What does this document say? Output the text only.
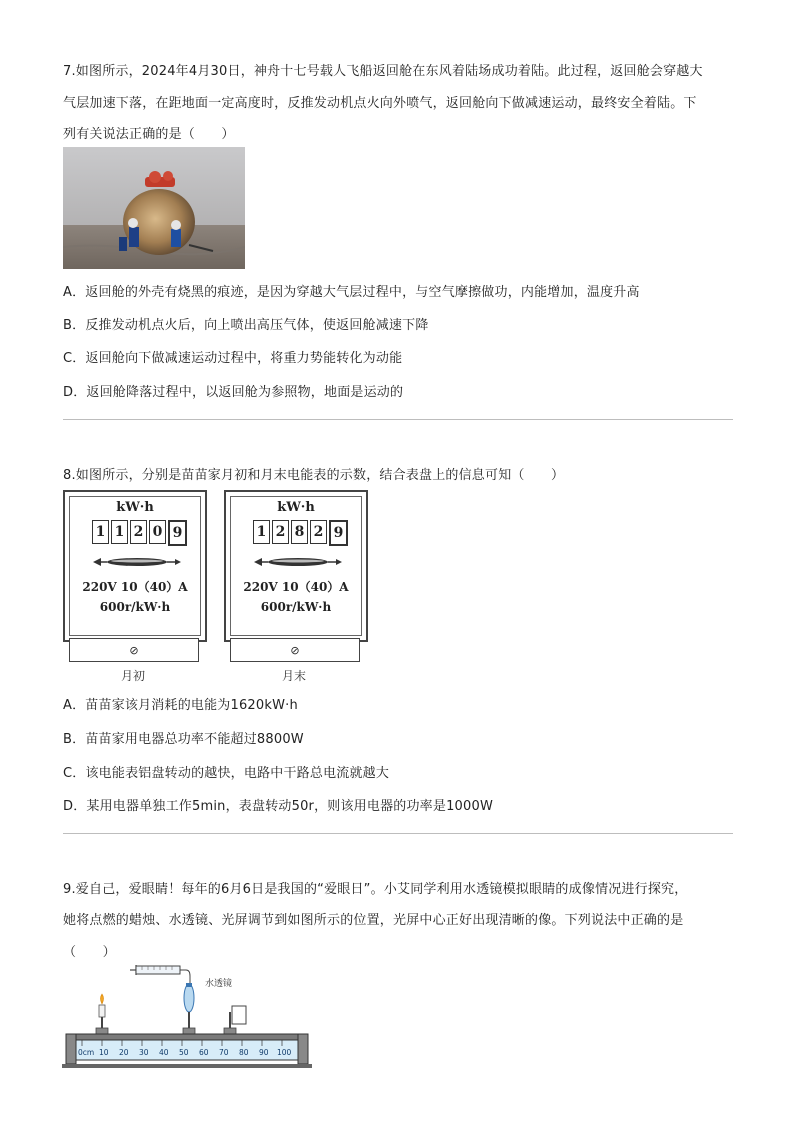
7.如图所示，2024年4月30日，神舟十七号载人飞船返回舱在东风着陆场成功着陆。此过程，返回舱会穿越大
气层加速下落，在距地面一定高度时，反推发动机点火向外喷气，返回舱向下做减速运动，最终安全着陆。下
列有关说法正确的是（　　）
A．返回舱的外壳有烧黑的痕迹，是因为穿越大气层过程中，与空气摩擦做功，内能增加，温度升高
B．反推发动机点火后，向上喷出高压气体，使返回舱减速下降
C．返回舱向下做减速运动过程中，将重力势能转化为动能
D．返回舱降落过程中，以返回舱为参照物，地面是运动的
8.如图所示，分别是苗苗家月初和月末电能表的示数，结合表盘上的信息可知（　　）
kW·h
1 1 2 0 9
220V 10（40）A
600r/kW·h
⊘
月初
kW·h
1 2 8 2 9
220V 10（40）A
600r/kW·h
⊘
月末
A．苗苗家该月消耗的电能为1620kW·h
B．苗苗家用电器总功率不能超过8800W
C．该电能表铝盘转动的越快，电路中干路总电流就越大
D．某用电器单独工作5min，表盘转动50r，则该用电器的功率是1000W
9.爱自己，爱眼睛！每年的6月6日是我国的“爱眼日”。小艾同学利用水透镜模拟眼睛的成像情况进行探究，
她将点燃的蜡烛、水透镜、光屏调节到如图所示的位置，光屏中心正好出现清晰的像。下列说法中正确的是
（　　）
水透镜
0cm 10 20 30 40 50 60 70 80 90 100
